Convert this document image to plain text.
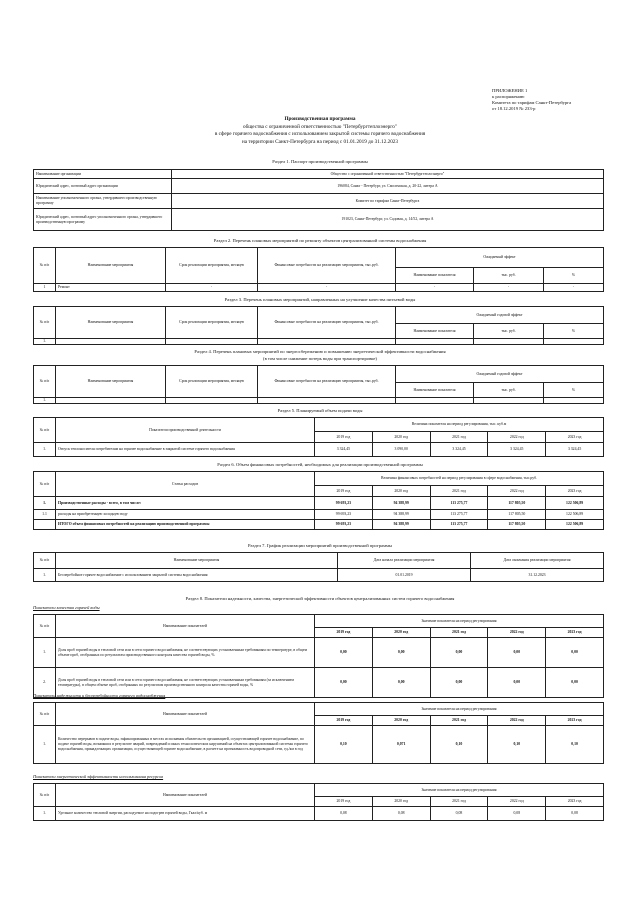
ПРИЛОЖЕНИЕ 1
к распоряжению
Комитета по тарифам Санкт-Петербурга
от 18.12.2019 № 233-р
Производственная программа
общества с ограниченной ответственностью "Петербургтеплоэнерго"
в сфере горячего водоснабжения с использованием закрытой системы горячего водоснабжения
на территории Санкт-Петербурга на период с 01.01.2019 до 31.12.2023
Раздел 1. Паспорт производственной программы
Наименование организации	Общество с ограниченной ответственностью "Петербургтеплоэнерго"
Юридический адрес, почтовый адрес организации	196084, Санкт - Петербург, ул. Смоленская, д. 20-22, литера А
Наименование уполномоченного органа, утвердившего производственную программу	Комитет по тарифам Санкт-Петербурга
Юридический адрес, почтовый адрес уполномоченного органа, утвердившего производственную программу	191023, Санкт-Петербург, ул. Садовая, д. 14/52, литера А
Раздел 2. Перечень плановых мероприятий по ремонту объектов централизованной системы водоснабжения
№ п/п	Наименование мероприятия	Срок реализации мероприятия, месяцев	Финансовые потребности на реализацию мероприятия, тыс.руб.	Ожидаемый эффект		
				Наименование показателя	тыс. руб.	%
1	Ремонт	-	-	-	-	-
Раздел 3. Перечень плановых мероприятий, направленных на улучшение качества питьевой воды
№ п/п	Наименование мероприятия	Срок реализации мероприятия, месяцев	Финансовые потребности на реализацию мероприятия, тыс.руб.	Ожидаемый годовой эффект		
				Наименование показателя	тыс. руб.	%
1.						
Раздел 4. Перечень плановых мероприятий по энергосбережению и повышению энергетической эффективности водоснабжения
(в том числе снижение потерь воды при транспортировке)
№ п/п	Наименование мероприятия	Срок реализации мероприятия, месяцев	Финансовые потребности на реализацию мероприятия, тыс.руб.	Ожидаемый годовой эффект		
				Наименование показателя	тыс. руб.	%
1.						
Раздел 5. Планируемый объем подачи воды
№ п/п	Показатели производственной деятельности	Величина показателя на период регулирования, тыс. куб.м				
		2019 год	2020 год	2021 год	2022 год	2023 год
1.	Отпуск теплоносителя потребителям на горячее водоснабжение в закрытой системе горячего водоснабжения	3 324,45	3 090,00	3 324,45	3 324,45	3 324,45
Раздел 6. Объем финансовых потребностей, необходимых для реализации производственной программы
№ п/п	Статья расходов	Величина финансовых потребностей на период регулирования в сфере водоснабжения, тыс.руб.				
		2019 год	2020 год	2021 год	2022 год	2023 год
1.	Производственные расходы - всего, в том числе:	99 693,23	94 388,99	113 275,77	117 805,50	122 506,89
1.1	расходы на приобретенную холодную воду	99 693,23	94 388,99	113 275,77	117 805,50	122 506,89
	ИТОГО объем финансовых потребностей на реализацию производственной программы	99 693,23	94 388,99	113 275,77	117 805,50	122 506,89
Раздел 7. График реализации мероприятий производственной программы
№ п/п	Наименование мероприятия	Дата начала реализации мероприятия	Дата окончания реализации мероприятия
1.	Бесперебойное горячее водоснабжение с использованием закрытой системы водоснабжения	01.01.2019	31.12.2023
Раздел 8. Показатели надежности, качества, энергетической эффективности объектов централизованных систем горячего водоснабжения
Показатели качества горячей воды
№ п/п	Наименование показателей	Значение показателя на период регулирования				
		2019 год	2020 год	2021 год	2022 год	2023 год
1.	Доля проб горячей воды в тепловой сети или в сети горячего водоснабжения, не соответствующих установленным требованиям по температуре, в общем объеме проб, отобранных по результатам производственного контроля качества горячей воды, %	0,00	0,00	0,00	0,00	0,00
2.	Доля проб горячей воды в тепловой сети или в сети горячего водоснабжения, не соответствующих установленным требованиям (за исключением температуры), в общем объеме проб, отобранных по результатам производственного контроля качества горячей воды, %	0,00	0,00	0,00	0,00	0,00
Показатели надежности и бесперебойности горячего водоснабжения
№ п/п	Наименование показателей	Значение показателя на период регулирования				
		2019 год	2020 год	2021 год	2022 год	2023 год
1.	Количество перерывов в подаче воды, зафиксированных в местах исполнения обязательств организацией, осуществляющей горячее водоснабжение, по подаче горячей воды, возникших в результате аварий, повреждений и иных технологических нарушений на объектах централизованной системы горячего водоснабжения, принадлежащих организации, осуществляющей горячее водоснабжение, в расчете на протяженность водопроводной сети, ед./км в год	0,10	0,071	0,10	0,10	0,10
Показатели энергетической эффективности использования ресурсов
№ п/п	Наименование показателей	Значение показателя на период регулирования				
		2019 год	2020 год	2021 год	2022 год	2023 год
1.	Удельное количество тепловой энергии, расходуемое на подогрев горячей воды, Гкал/куб. м	0,08	0,08	0,08	0,08	0,08
